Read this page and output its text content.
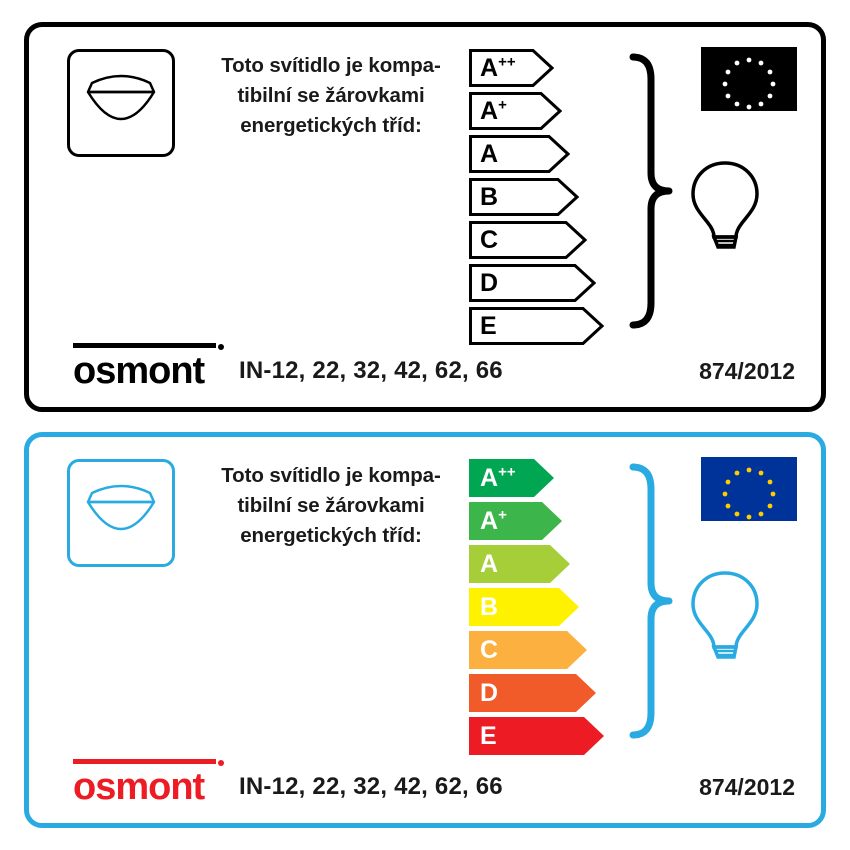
Toto svítidlo je kompa-
tibilní se žárovkami
energetických tříd:
A++
A+
A
B
C
D
E
osmont IN-12, 22, 32, 42, 62, 66	874/2012
Toto svítidlo je kompa-
tibilní se žárovkami
energetických tříd:
A++
A+
A
B
C
D
E
osmont IN-12, 22, 32, 42, 62, 66	874/2012
